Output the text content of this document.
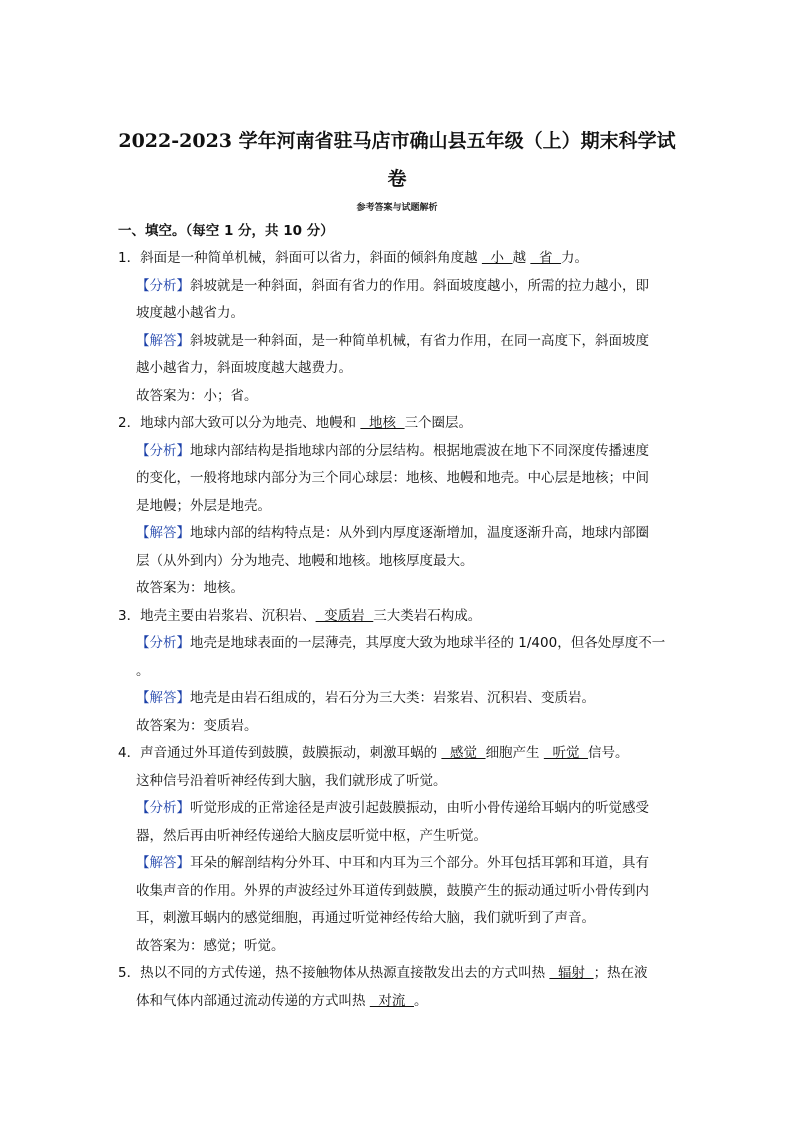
2022-2023 学年河南省驻马店市确山县五年级（上）期末科学试
卷
参考答案与试题解析
一、填空。（每空 1 分，共 10 分）
1．斜面是一种简单机械，斜面可以省力，斜面的倾斜角度越   小  越   省  力。
【分析】斜坡就是一种斜面，斜面有省力的作用。斜面坡度越小，所需的拉力越小，即
坡度越小越省力。
【解答】斜坡就是一种斜面，是一种简单机械，有省力作用，在同一高度下，斜面坡度
越小越省力，斜面坡度越大越费力。
故答案为：小；省。
2．地球内部大致可以分为地壳、地幔和   地核  三个圈层。
【分析】地球内部结构是指地球内部的分层结构。根据地震波在地下不同深度传播速度
的变化，一般将地球内部分为三个同心球层：地核、地幔和地壳。中心层是地核；中间
是地幔；外层是地壳。
【解答】地球内部的结构特点是：从外到内厚度逐渐增加，温度逐渐升高，地球内部圈
层（从外到内）分为地壳、地幔和地核。地核厚度最大。
故答案为：地核。
3．地壳主要由岩浆岩、沉积岩、  变质岩  三大类岩石构成。
【分析】地壳是地球表面的一层薄壳，其厚度大致为地球半径的 1/400，但各处厚度不一
。
【解答】地壳是由岩石组成的，岩石分为三大类：岩浆岩、沉积岩、变质岩。
故答案为：变质岩。
4．声音通过外耳道传到鼓膜，鼓膜振动，刺激耳蜗的   感觉  细胞产生   听觉  信号。
这种信号沿着听神经传到大脑，我们就形成了听觉。
【分析】听觉形成的正常途径是声波引起鼓膜振动，由听小骨传递给耳蜗内的听觉感受
器，然后再由听神经传递给大脑皮层听觉中枢，产生听觉。
【解答】耳朵的解剖结构分外耳、中耳和内耳为三个部分。外耳包括耳郭和耳道，具有
收集声音的作用。外界的声波经过外耳道传到鼓膜，鼓膜产生的振动通过听小骨传到内
耳，刺激耳蜗内的感觉细胞，再通过听觉神经传给大脑，我们就听到了声音。
故答案为：感觉；听觉。
5．热以不同的方式传递，热不接触物体从热源直接散发出去的方式叫热   辐射  ；热在液
体和气体内部通过流动传递的方式叫热   对流  。
